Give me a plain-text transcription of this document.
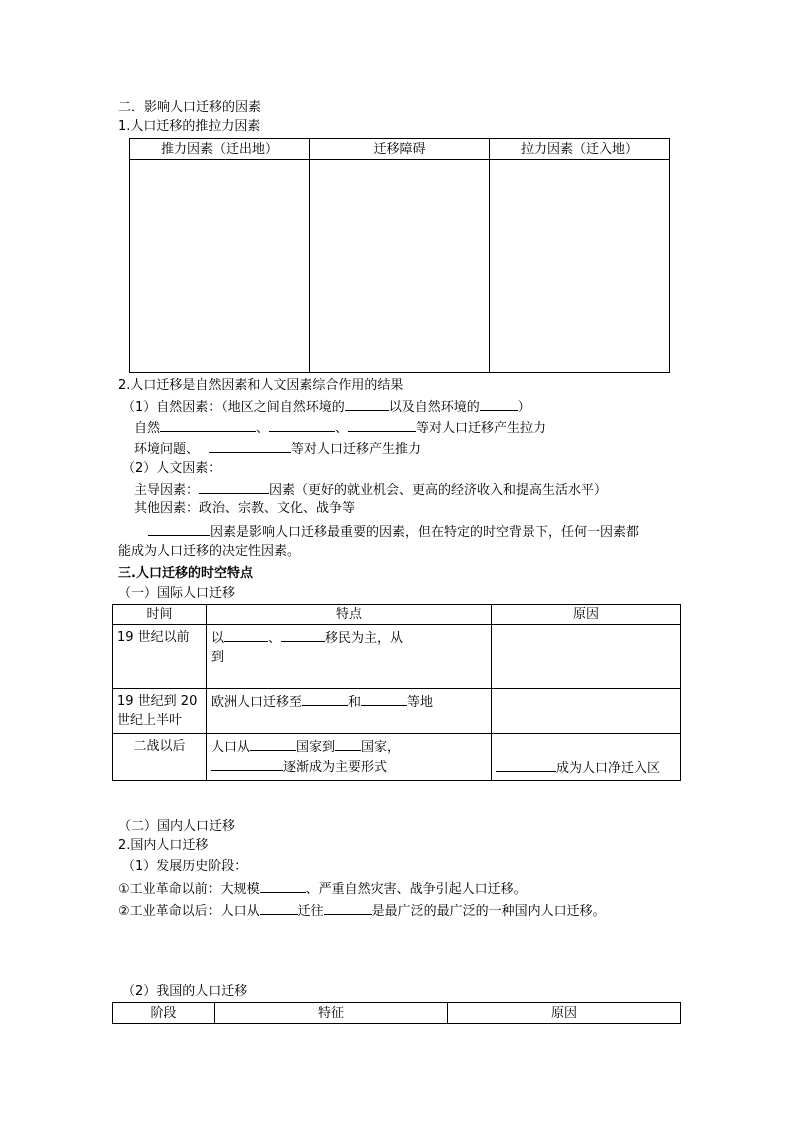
二．影响人口迁移的因素
1.人口迁移的推拉力因素
推力因素（迁出地）	迁移障碍	拉力因素（迁入地）

2.人口迁移是自然因素和人文因素综合作用的结果
（1）自然因素：（地区之间自然环境的	以及自然环境的	）
自然	、	、	等对人口迁移产生拉力
环境问题、	等对人口迁移产生推力
（2）人文因素：
主导因素：	因素（更好的就业机会、更高的经济收入和提高生活水平）
其他因素：政治、宗教、文化、战争等
因素是影响人口迁移最重要的因素，但在特定的时空背景下，任何一因素都
能成为人口迁移的决定性因素。
三.人口迁移的时空特点
（一）国际人口迁移
时间	特点	原因

19 世纪以前	以 、 移民为主，从
到	

19 世纪到 20
世纪上半叶	欧洲人口迁移至 和 等地	

二战以后	人口从 国家到 国家，
逐渐成为主要形式	成为人口净迁入区
（二）国内人口迁移
2.国内人口迁移
（1）发展历史阶段：
①工业革命以前：大规模	、严重自然灾害、战争引起人口迁移。
②工业革命以后：人口从	迁往	是最广泛的最广泛的一种国内人口迁移。
（2）我国的人口迁移
阶段	特征	原因
